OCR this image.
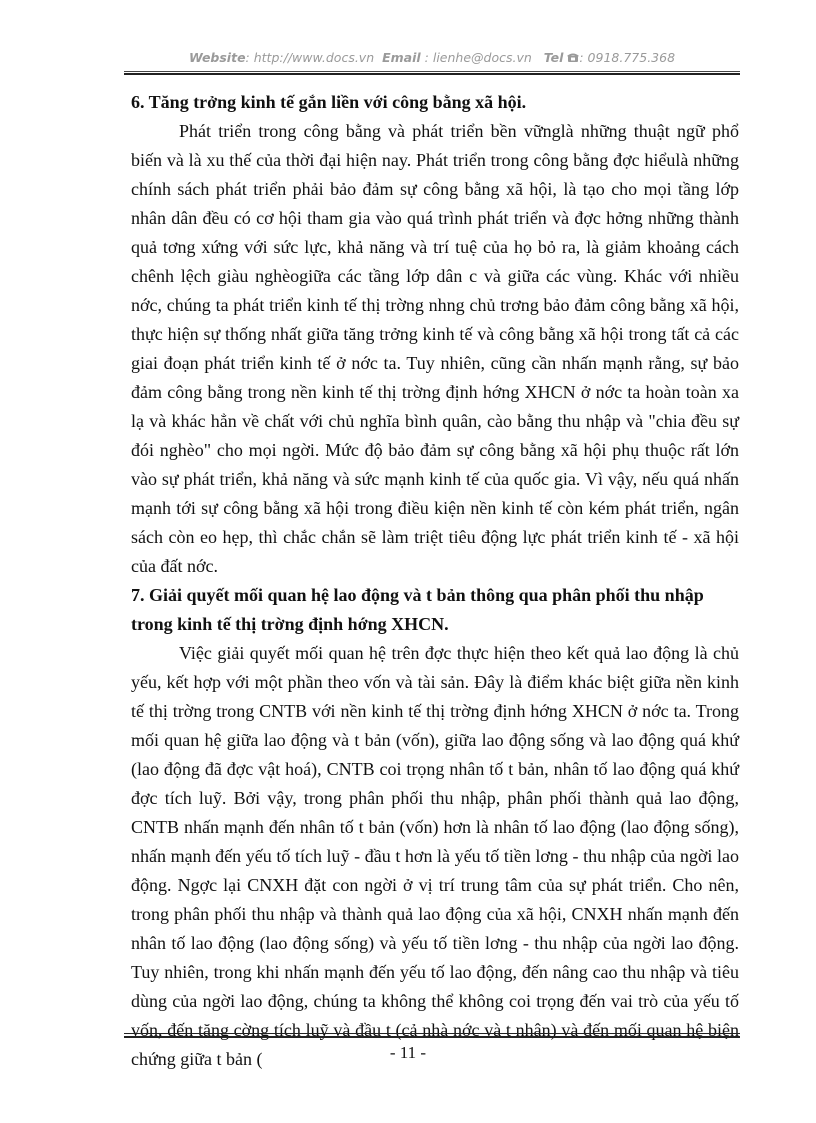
Website: http://www.docs.vn Email : lienhe@docs.vn Tel : 0918.775.368
6. Tăng trởng kinh tế gắn liền với công bằng xã hội.

Phát triển trong công bằng và phát triển bền vữnglà những thuật ngữ phổ biến và là xu thế của thời đại hiện nay. Phát triển trong công bằng đợc hiểulà những chính sách phát triển phải bảo đảm sự công bằng xã hội, là tạo cho mọi tầng lớp nhân dân đều có cơ hội tham gia vào quá trình phát triển và đợc hởng những thành quả tơng xứng với sức lực, khả năng và trí tuệ của họ bỏ ra, là giảm khoảng cách chênh lệch giàu nghèogiữa các tầng lớp dân c và giữa các vùng. Khác với nhiều nớc, chúng ta phát triển kinh tế thị trờng nhng chủ trơng bảo đảm công bằng xã hội, thực hiện sự thống nhất giữa tăng trởng kinh tế và công bằng xã hội trong tất cả các giai đoạn phát triển kinh tế ở nớc ta. Tuy nhiên, cũng cần nhấn mạnh rằng, sự bảo đảm công bằng trong nền kinh tế thị trờng định hớng XHCN ở nớc ta hoàn toàn xa lạ và khác hẳn về chất với chủ nghĩa bình quân, cào bằng thu nhập và "chia đều sự đói nghèo" cho mọi ngời. Mức độ bảo đảm sự công bằng xã hội phụ thuộc rất lớn vào sự phát triển, khả năng và sức mạnh kinh tế của quốc gia. Vì vậy, nếu quá nhấn mạnh tới sự công bằng xã hội trong điều kiện nền kinh tế còn kém phát triển, ngân sách còn eo hẹp, thì chắc chắn sẽ làm triệt tiêu động lực phát triển kinh tế - xã hội của đất nớc.

7. Giải quyết mối quan hệ lao động và t bản thông qua phân phối thu nhập trong kinh tế thị trờng định hớng XHCN.

Việc giải quyết mối quan hệ trên đợc thực hiện theo kết quả lao động là chủ yếu, kết hợp với một phần theo vốn và tài sản. Đây là điểm khác biệt giữa nền kinh tế thị trờng trong CNTB với nền kinh tế thị trờng định hớng XHCN ở nớc ta. Trong mối quan hệ giữa lao động và t bản (vốn), giữa lao động sống và lao động quá khứ (lao động đã đợc vật hoá), CNTB coi trọng nhân tố t bản, nhân tố lao động quá khứ đợc tích luỹ. Bởi vậy, trong phân phối thu nhập, phân phối thành quả lao động, CNTB nhấn mạnh đến nhân tố t bản (vốn) hơn là nhân tố lao động (lao động sống), nhấn mạnh đến yếu tố tích luỹ - đầu t hơn là yếu tố tiền lơng - thu nhập của ngời lao động. Ngợc lại CNXH đặt con ngời ở vị trí trung tâm của sự phát triển. Cho nên, trong phân phối thu nhập và thành quả lao động của xã hội, CNXH nhấn mạnh đến nhân tố lao động (lao động sống) và yếu tố tiền lơng - thu nhập của ngời lao động. Tuy nhiên, trong khi nhấn mạnh đến yếu tố lao động, đến nâng cao thu nhập và tiêu dùng của ngời lao động, chúng ta không thể không coi trọng đến vai trò của yếu tố vốn, đến tăng cờng tích luỹ và đầu t (cả nhà nớc và t nhân) và đến mối quan hệ biện chứng giữa t bản (	- 11 -
